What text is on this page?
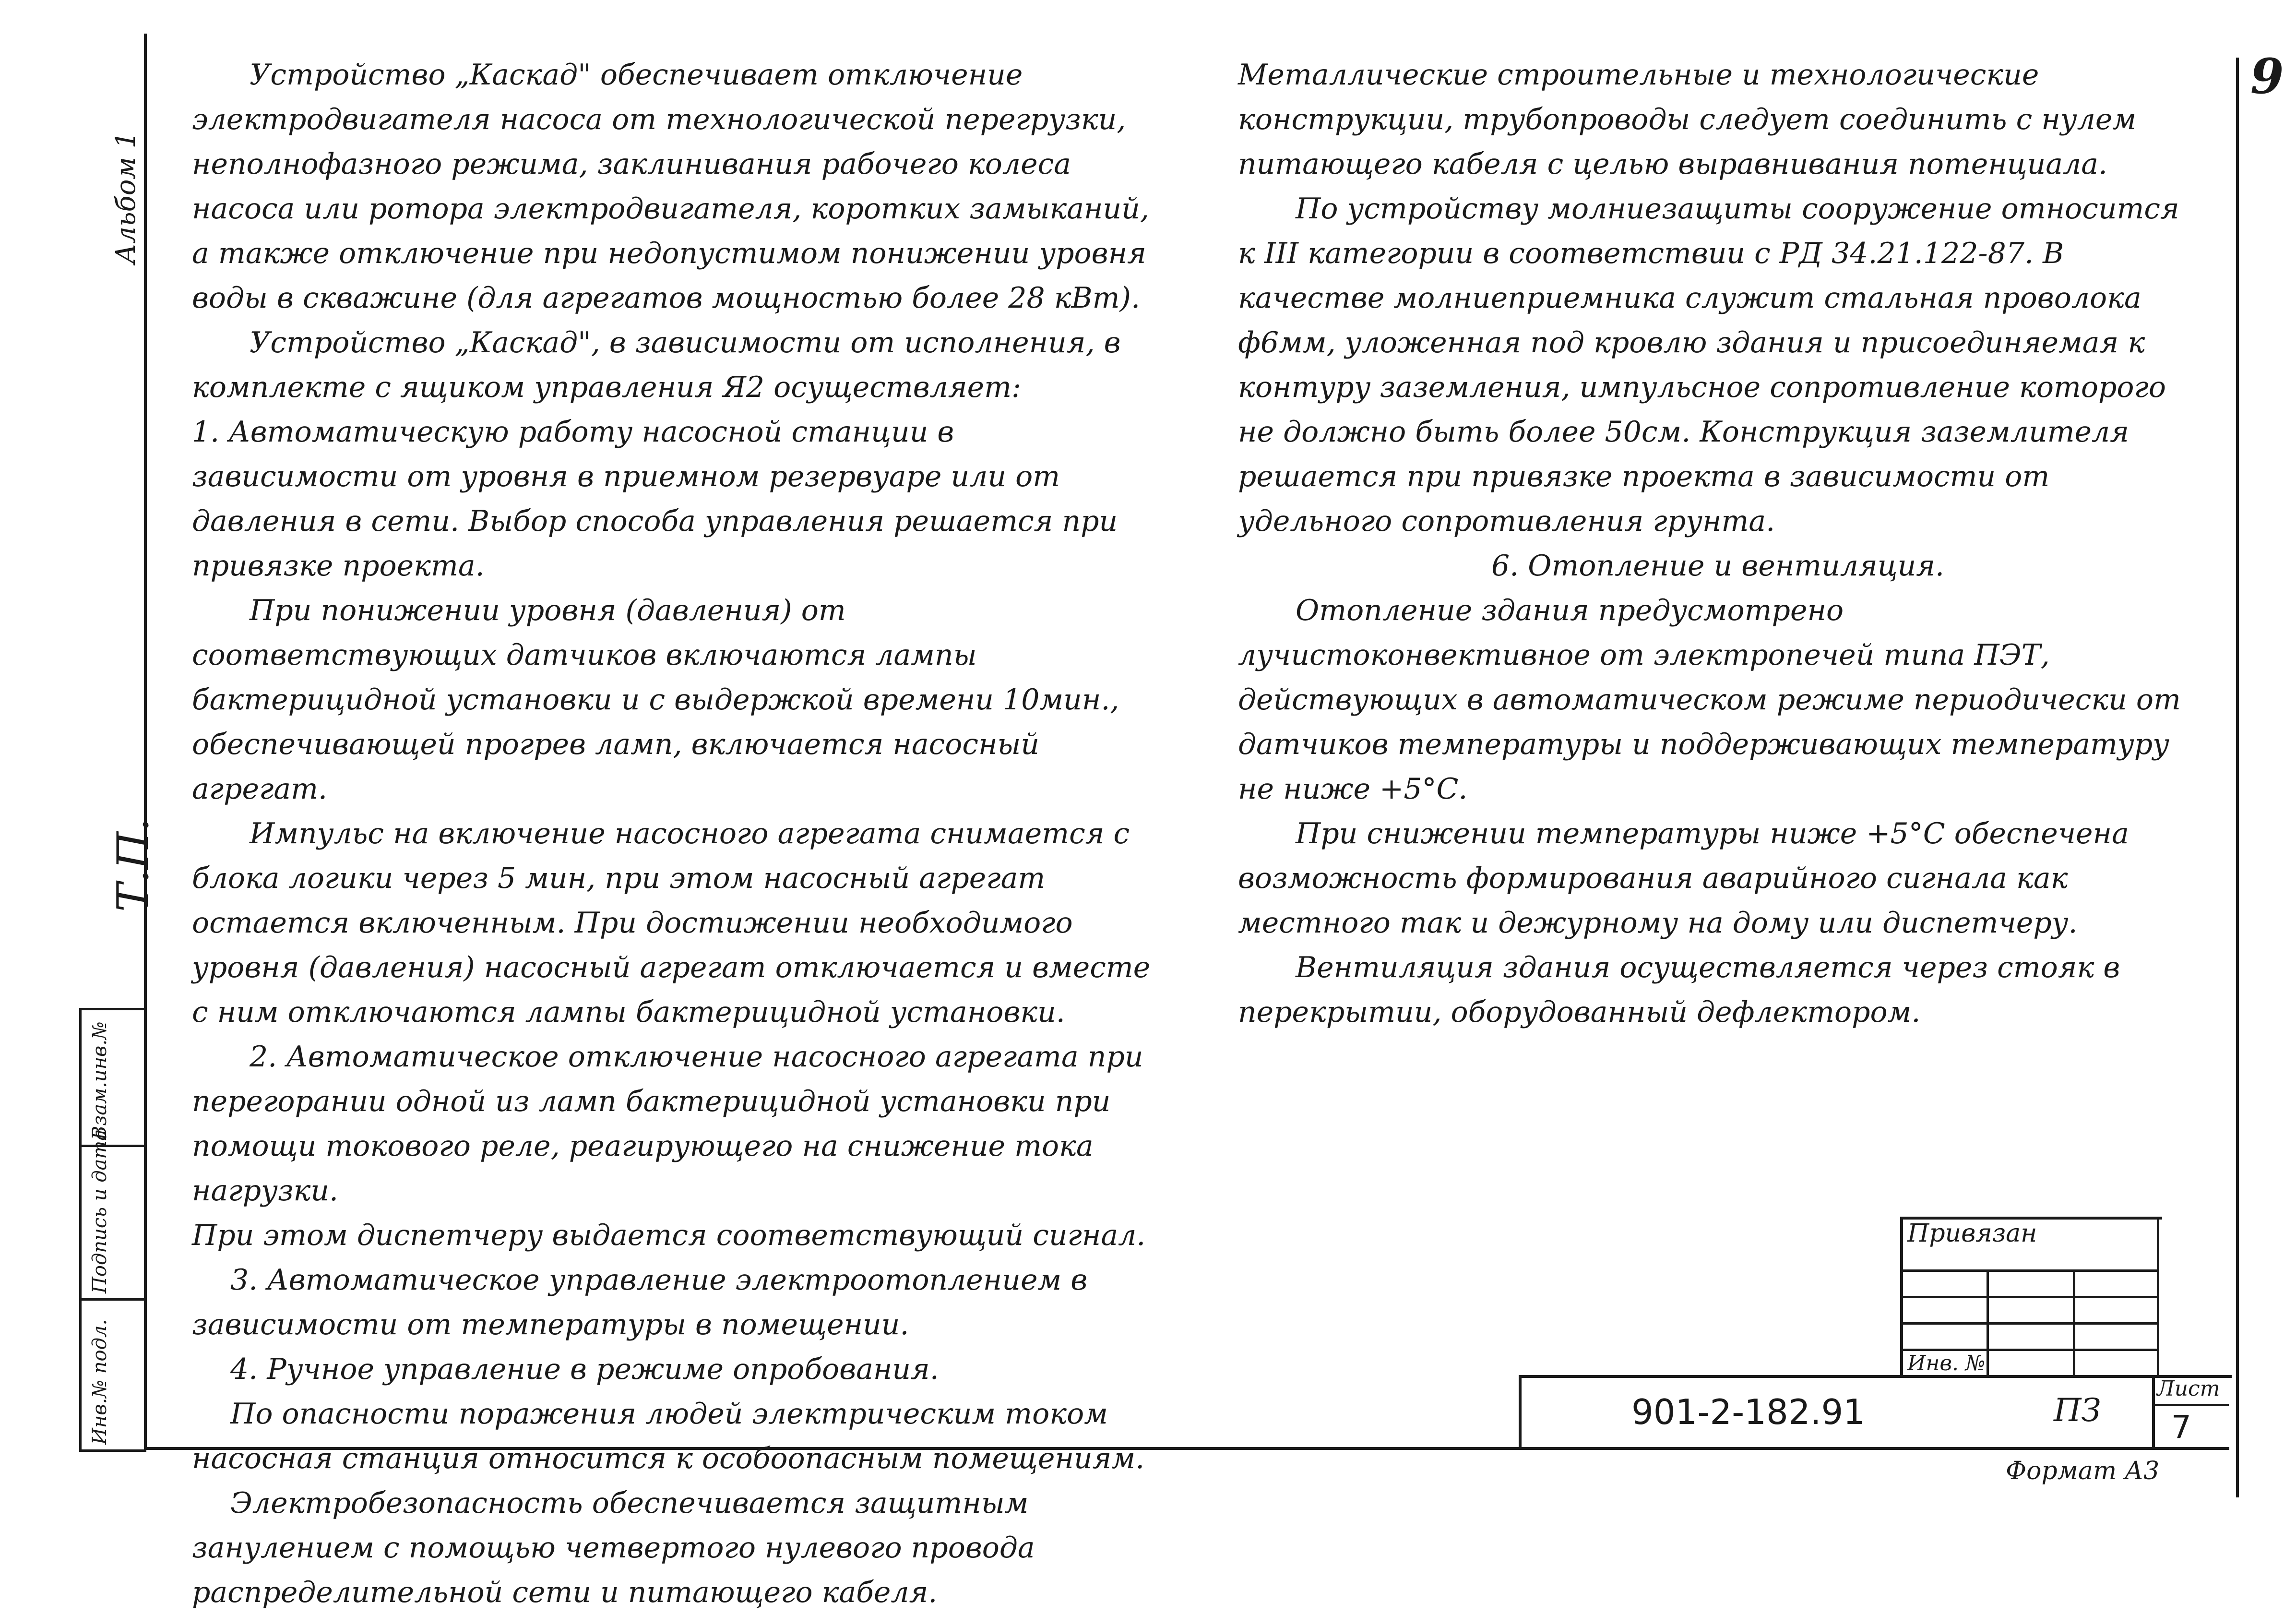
9
Альбом 1
Т.П.
Инв.№ подл.
Подпись и дата
Взам.инв.№

Устройство „Каскад" обеспечивает отключение электродвигателя насоса от технологической перегрузки, неполнофазного режима, заклинивания рабочего колеса насоса или ротора электродвигателя, коротких замыканий, а также отключение при недопустимом понижении уровня воды в скважине (для агрегатов мощностью более 28 кВт).

Устройство „Каскад", в зависимости от исполнения, в комплекте с ящиком управления Я2 осуществляет:

1. Автоматическую работу насосной станции в зависимости от уровня в приемном резервуаре или от давления в сети. Выбор способа управления решается при привязке проекта.

При понижении уровня (давления) от соответствующих датчиков включаются лампы бактерицидной установки и с выдержкой времени 10мин., обеспечивающей прогрев ламп, включается насосный агрегат.

Импульс на включение насосного агрегата снимается с блока логики через 5 мин, при этом насосный агрегат остается включенным. При достижении необходимого уровня (давления) насосный агрегат отключается и вместе с ним отключаются лампы бактерицидной установки.

2. Автоматическое отключение насосного агрегата при перегорании одной из ламп бактерицидной установки при помощи токового реле, реагирующего на снижение тока нагрузки.

При этом диспетчеру выдается соответствующий сигнал.

3. Автоматическое управление электроотоплением в зависимости от температуры в помещении.

4. Ручное управление в режиме опробования.

По опасности поражения людей электрическим током насосная станция относится к особоопасным помещениям.

Электробезопасность обеспечивается защитным занулением с помощью четвертого нулевого провода распределительной сети и питающего кабеля.

Металлические строительные и технологические конструкции, трубопроводы следует соединить с нулем питающего кабеля с целью выравнивания потенциала.

По устройству молниезащиты сооружение относится к III категории в соответствии с РД 34.21.122-87. В качестве молниеприемника служит стальная проволока ф6мм, уложенная под кровлю здания и присоединяемая к контуру заземления, импульсное сопротивление которого не должно быть более 50см. Конструкция заземлителя решается при привязке проекта в зависимости от удельного сопротивления грунта.

6. Отопление и вентиляция.

Отопление здания предусмотрено лучистоконвективное от электропечей типа ПЭТ, действующих в автоматическом режиме периодически от датчиков температуры и поддерживающих температуру не ниже +5°С.

При снижении температуры ниже +5°С обеспечена возможность формирования аварийного сигнала как местного так и дежурному на дому или диспетчеру.

Вентиляция здания осуществляется через стояк в перекрытии, оборудованный дефлектором.

Привязан
Инв. №
901-2-182.91	ПЗ
Лист
7
Формат А3
